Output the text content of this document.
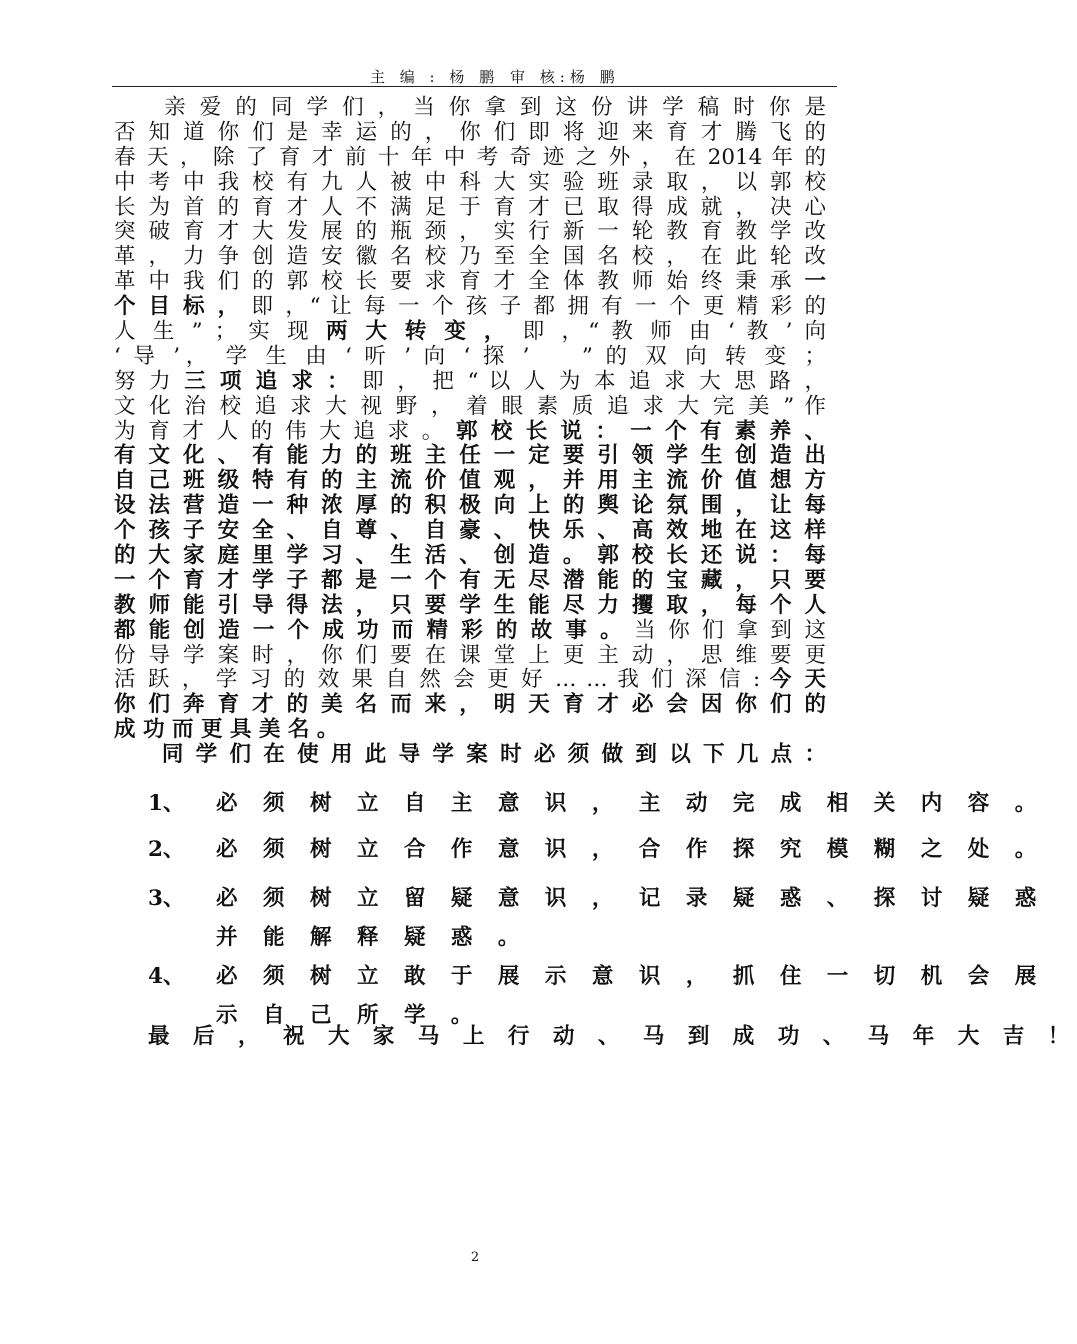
主 编 : 杨 鹏 审 核:杨 鹏
　　亲 爱 的 同 学 们 ， 当 你 拿 到 这 份 讲 学 稿 时 你 是
否 知 道 你 们 是 幸 运 的 ， 你 们 即 将 迎 来 育 才 腾 飞 的
春 天 ， 除 了 育 才 前 十 年 中 考 奇 迹 之 外 ， 在 2014 年 的
中 考 中 我 校 有 九 人 被 中 科 大 实 验 班 录 取 ， 以 郭 校
长 为 首 的 育 才 人 不 满 足 于 育 才 已 取 得 成 就 ， 决 心
突 破 育 才 大 发 展 的 瓶 颈 ， 实 行 新 一 轮 教 育 教 学 改
革 ， 力 争 创 造 安 徽 名 校 乃 至 全 国 名 校 ， 在 此 轮 改
革 中 我 们 的 郭 校 长 要 求 育 才 全 体 教 师 始 终 秉 承 一
个 目 标 ， 即 ，“ 让 每 一 个 孩 子 都 拥 有 一 个 更 精 彩 的
人 生 ” ； 实 现 两 大 转 变 ， 即 ，“ 教 师 由 ‘ 教 ’ 向
‘ 导 ’， 学 生 由 ‘ 听 ’ 向 ‘ 探 ’ 　 ” 的 双 向 转 变 ；
努 力 三 项 追 求 ： 即 ， 把 “ 以 人 为 本 追 求 大 思 路 ，
文 化 治 校 追 求 大 视 野 ， 着 眼 素 质 追 求 大 完 美 ” 作
为 育 才 人 的 伟 大 追 求 。 郭 校 长 说 ： 一 个 有 素 养 、
有 文 化 、 有 能 力 的 班 主 任 一 定 要 引 领 学 生 创 造 出
自 己 班 级 特 有 的 主 流 价 值 观 ， 并 用 主 流 价 值 想 方
设 法 营 造 一 种 浓 厚 的 积 极 向 上 的 舆 论 氛 围 ， 让 每
个 孩 子 安 全 、 自 尊 、 自 豪 、 快 乐 、 高 效 地 在 这 样
的 大 家 庭 里 学 习 、 生 活 、 创 造 。 郭 校 长 还 说 ： 每
一 个 育 才 学 子 都 是 一 个 有 无 尽 潜 能 的 宝 藏 ， 只 要
教 师 能 引 导 得 法 ， 只 要 学 生 能 尽 力 攫 取 ， 每 个 人
都 能 创 造 一 个 成 功 而 精 彩 的 故 事 。 当 你 们 拿 到 这
份 导 学 案 时 ， 你 们 要 在 课 堂 上 更 主 动 ， 思 维 要 更
活 跃 ， 学 习 的 效 果 自 然 会 更 好 … … 我 们 深 信 : 今 天
你 们 奔 育 才 的 美 名 而 来 ， 明 天 育 才 必 会 因 你 们 的
成 功 而 更 具 美 名 。
　　同 学 们 在 使 用 此 导 学 案 时 必 须 做 到 以 下 几 点 ：
1、 必 须 树 立 自 主 意 识 ， 主 动 完 成 相 关 内 容 。
2、 必 须 树 立 合 作 意 识 ， 合 作 探 究 模 糊 之 处 。
3、 必 须 树 立 留 疑 意 识 ， 记 录 疑 惑 、 探 讨 疑 惑
并 能 解 释 疑 惑 。
4、 必 须 树 立 敢 于 展 示 意 识 ， 抓 住 一 切 机 会 展
示 自 己 所 学 。
最 后 ， 祝 大 家 马 上 行 动 、 马 到 成 功 、 马 年 大 吉 ！
2
